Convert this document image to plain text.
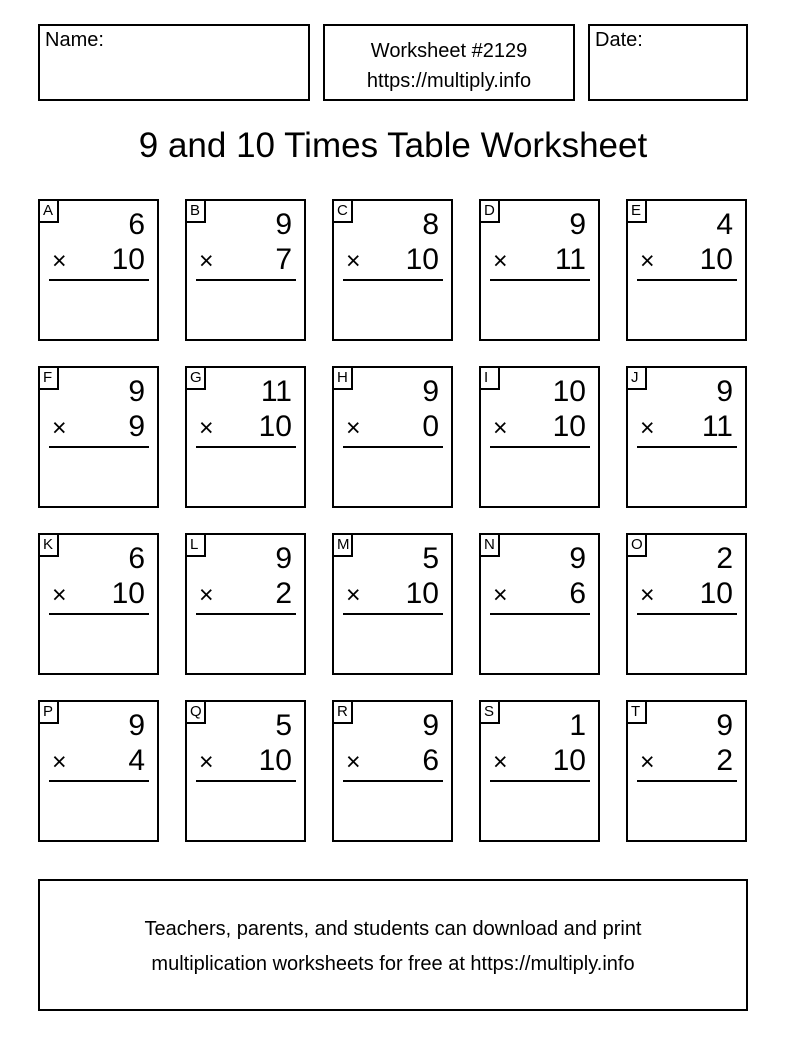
Name:	Worksheet #2129
https://multiply.info
Date:
9 and 10 Times Table Worksheet
A	6
× 10
B	9
× 7
C 8
× 10
D 9
× 11
E	4
× 10
F	9
× 9
G 11
× 10
H 9
× 0
I	10
× 10
J	9
× 11
K	6
× 10
L	9
× 2
M 5
× 10
N 9
× 6
O 2
× 10
P	9
× 4
Q 5
× 10
R 9
× 6
S	1
× 10
T	9
× 2
Teachers, parents, and students can download and print
multiplication worksheets for free at https://multiply.info
